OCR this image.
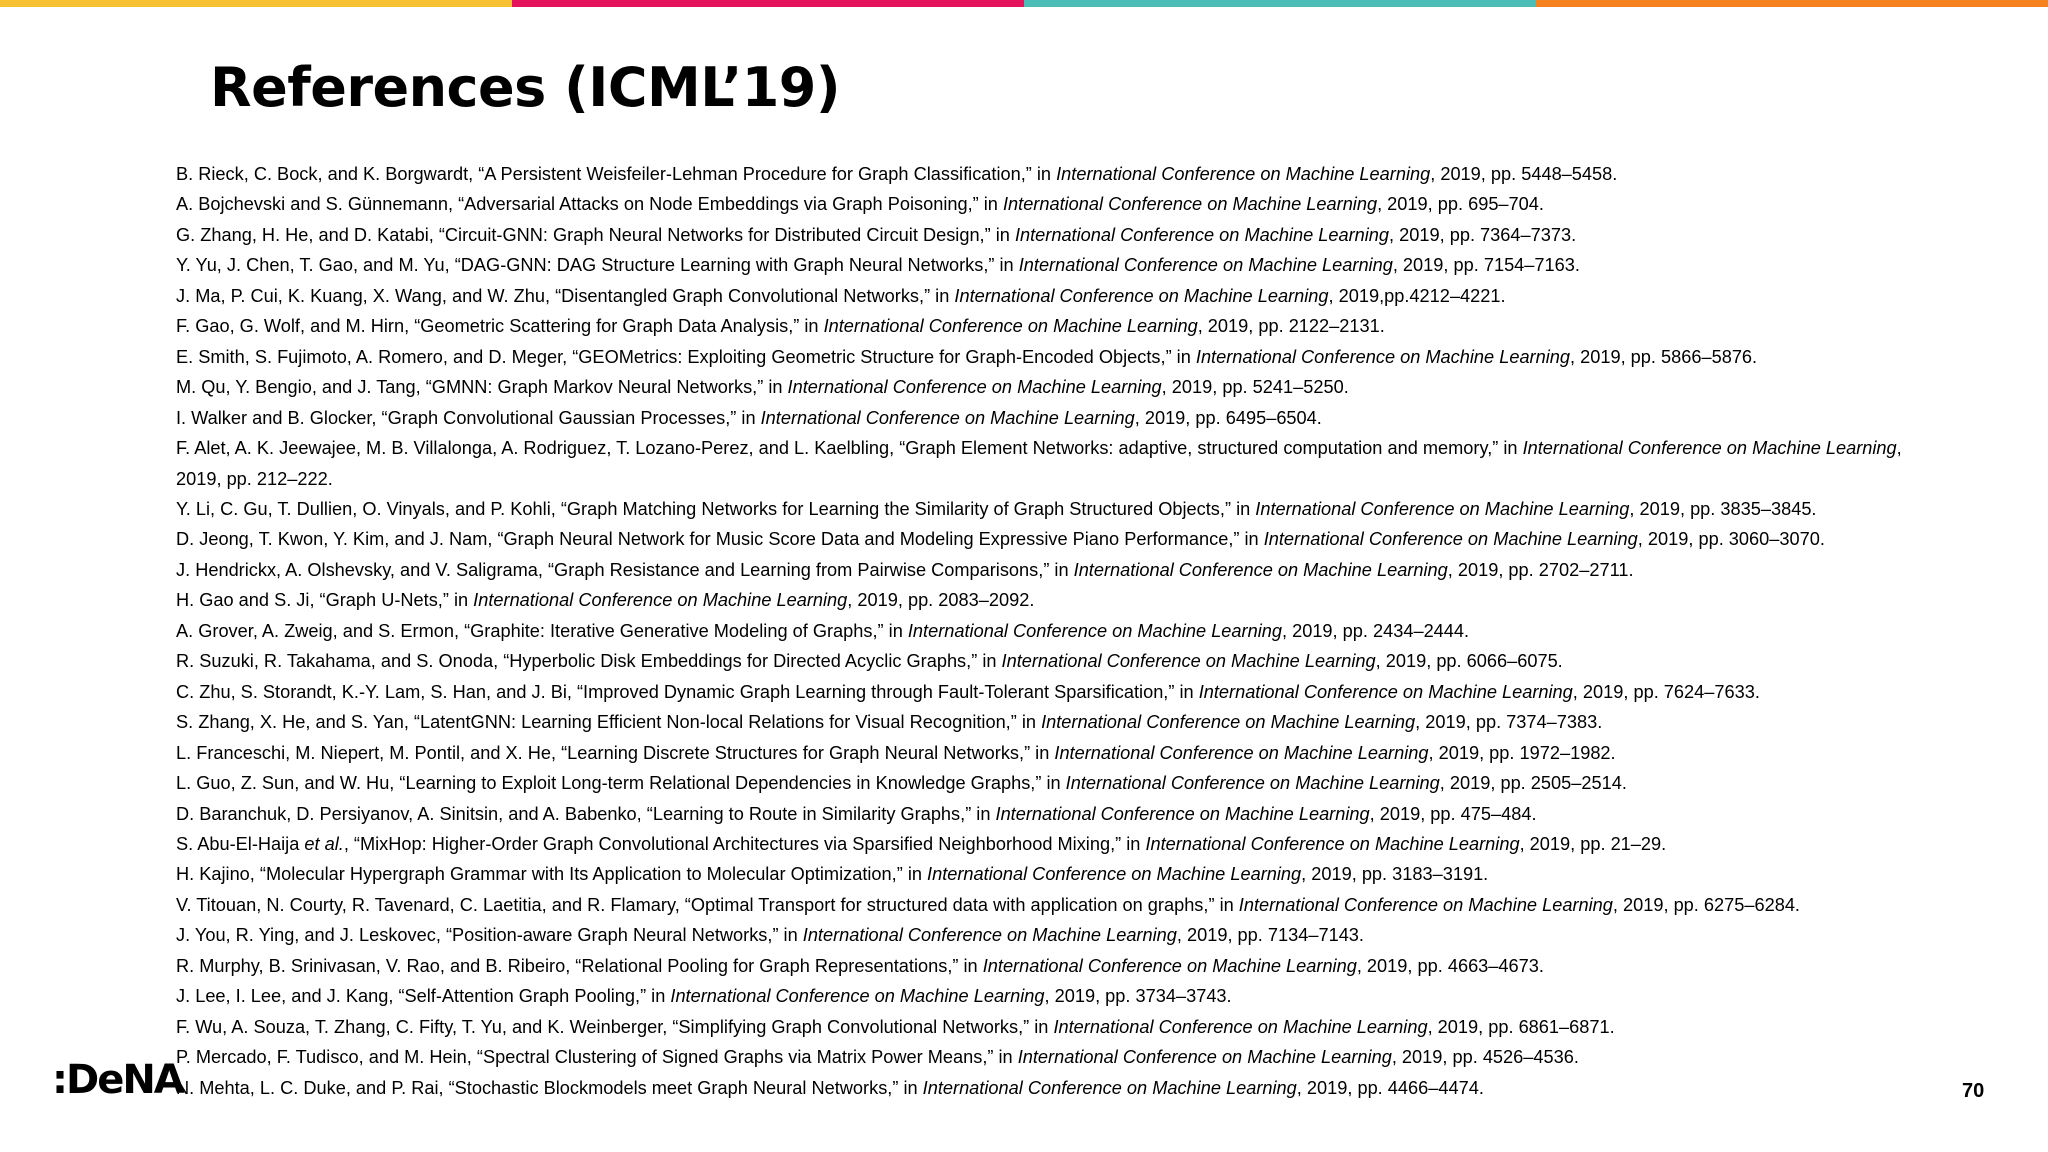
References (ICML’19)
B. Rieck, C. Bock, and K. Borgwardt, “A Persistent Weisfeiler-Lehman Procedure for Graph Classification,” in International Conference on Machine Learning, 2019, pp. 5448–5458.
A. Bojchevski and S. Günnemann, “Adversarial Attacks on Node Embeddings via Graph Poisoning,” in International Conference on Machine Learning, 2019, pp. 695–704.
G. Zhang, H. He, and D. Katabi, “Circuit-GNN: Graph Neural Networks for Distributed Circuit Design,” in International Conference on Machine Learning, 2019, pp. 7364–7373.
Y. Yu, J. Chen, T. Gao, and M. Yu, “DAG-GNN: DAG Structure Learning with Graph Neural Networks,” in International Conference on Machine Learning, 2019, pp. 7154–7163.
J. Ma, P. Cui, K. Kuang, X. Wang, and W. Zhu, “Disentangled Graph Convolutional Networks,” in International Conference on Machine Learning, 2019,pp.4212–4221.
F. Gao, G. Wolf, and M. Hirn, “Geometric Scattering for Graph Data Analysis,” in International Conference on Machine Learning, 2019, pp. 2122–2131.
E. Smith, S. Fujimoto, A. Romero, and D. Meger, “GEOMetrics: Exploiting Geometric Structure for Graph-Encoded Objects,” in International Conference on Machine Learning, 2019, pp. 5866–5876.
M. Qu, Y. Bengio, and J. Tang, “GMNN: Graph Markov Neural Networks,” in International Conference on Machine Learning, 2019, pp. 5241–5250.
I. Walker and B. Glocker, “Graph Convolutional Gaussian Processes,” in International Conference on Machine Learning, 2019, pp. 6495–6504.
F. Alet, A. K. Jeewajee, M. B. Villalonga, A. Rodriguez, T. Lozano-Perez, and L. Kaelbling, “Graph Element Networks: adaptive, structured computation and memory,” in International Conference on Machine Learning, 2019, pp. 212–222.
Y. Li, C. Gu, T. Dullien, O. Vinyals, and P. Kohli, “Graph Matching Networks for Learning the Similarity of Graph Structured Objects,” in International Conference on Machine Learning, 2019, pp. 3835–3845.
D. Jeong, T. Kwon, Y. Kim, and J. Nam, “Graph Neural Network for Music Score Data and Modeling Expressive Piano Performance,” in International Conference on Machine Learning, 2019, pp. 3060–3070.
J. Hendrickx, A. Olshevsky, and V. Saligrama, “Graph Resistance and Learning from Pairwise Comparisons,” in International Conference on Machine Learning, 2019, pp. 2702–2711.
H. Gao and S. Ji, “Graph U-Nets,” in International Conference on Machine Learning, 2019, pp. 2083–2092.
A. Grover, A. Zweig, and S. Ermon, “Graphite: Iterative Generative Modeling of Graphs,” in International Conference on Machine Learning, 2019, pp. 2434–2444.
R. Suzuki, R. Takahama, and S. Onoda, “Hyperbolic Disk Embeddings for Directed Acyclic Graphs,” in International Conference on Machine Learning, 2019, pp. 6066–6075.
C. Zhu, S. Storandt, K.-Y. Lam, S. Han, and J. Bi, “Improved Dynamic Graph Learning through Fault-Tolerant Sparsification,” in International Conference on Machine Learning, 2019, pp. 7624–7633.
S. Zhang, X. He, and S. Yan, “LatentGNN: Learning Efficient Non-local Relations for Visual Recognition,” in International Conference on Machine Learning, 2019, pp. 7374–7383.
L. Franceschi, M. Niepert, M. Pontil, and X. He, “Learning Discrete Structures for Graph Neural Networks,” in International Conference on Machine Learning, 2019, pp. 1972–1982.
L. Guo, Z. Sun, and W. Hu, “Learning to Exploit Long-term Relational Dependencies in Knowledge Graphs,” in International Conference on Machine Learning, 2019, pp. 2505–2514.
D. Baranchuk, D. Persiyanov, A. Sinitsin, and A. Babenko, “Learning to Route in Similarity Graphs,” in International Conference on Machine Learning, 2019, pp. 475–484.
S. Abu-El-Haija et al., “MixHop: Higher-Order Graph Convolutional Architectures via Sparsified Neighborhood Mixing,” in International Conference on Machine Learning, 2019, pp. 21–29.
H. Kajino, “Molecular Hypergraph Grammar with Its Application to Molecular Optimization,” in International Conference on Machine Learning, 2019, pp. 3183–3191.
V. Titouan, N. Courty, R. Tavenard, C. Laetitia, and R. Flamary, “Optimal Transport for structured data with application on graphs,” in International Conference on Machine Learning, 2019, pp. 6275–6284.
J. You, R. Ying, and J. Leskovec, “Position-aware Graph Neural Networks,” in International Conference on Machine Learning, 2019, pp. 7134–7143.
R. Murphy, B. Srinivasan, V. Rao, and B. Ribeiro, “Relational Pooling for Graph Representations,” in International Conference on Machine Learning, 2019, pp. 4663–4673.
J. Lee, I. Lee, and J. Kang, “Self-Attention Graph Pooling,” in International Conference on Machine Learning, 2019, pp. 3734–3743.
F. Wu, A. Souza, T. Zhang, C. Fifty, T. Yu, and K. Weinberger, “Simplifying Graph Convolutional Networks,” in International Conference on Machine Learning, 2019, pp. 6861–6871.
P. Mercado, F. Tudisco, and M. Hein, “Spectral Clustering of Signed Graphs via Matrix Power Means,” in International Conference on Machine Learning, 2019, pp. 4526–4536.
N. Mehta, L. C. Duke, and P. Rai, “Stochastic Blockmodels meet Graph Neural Networks,” in International Conference on Machine Learning, 2019, pp. 4466–4474.
:DeNA	70
